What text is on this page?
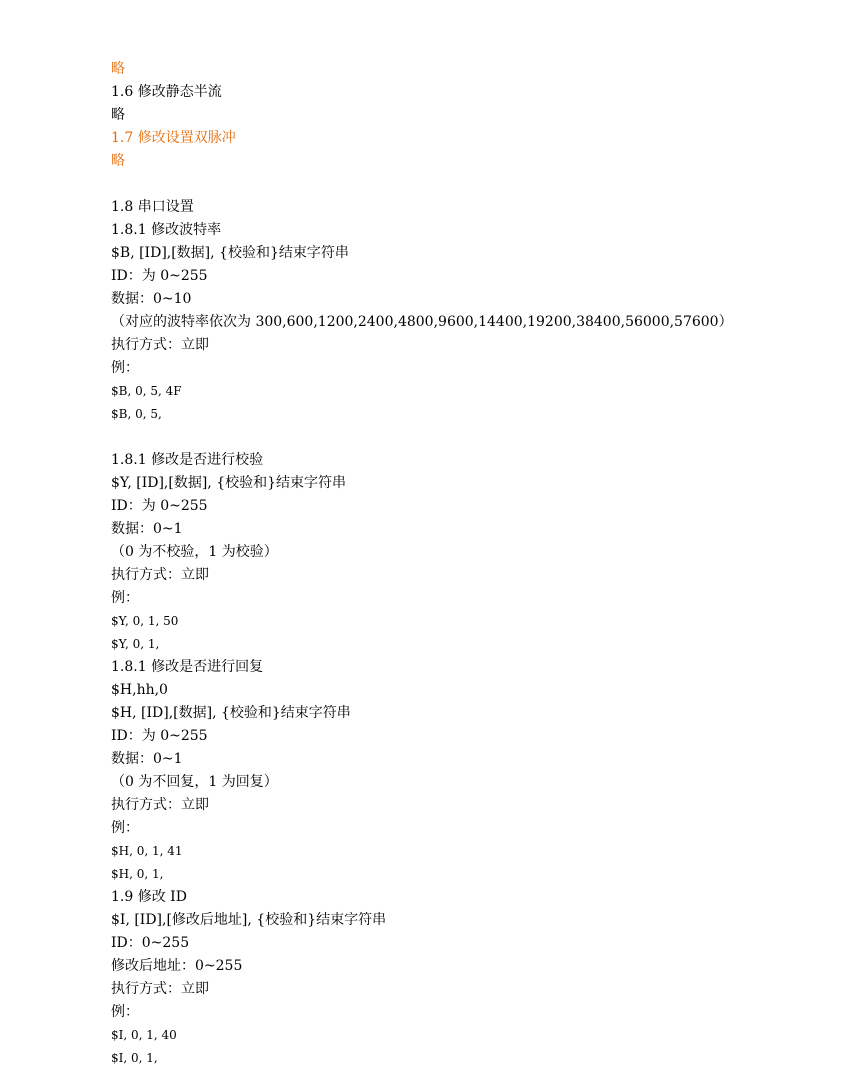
略
1.6 修改静态半流
略
1.7 修改设置双脉冲
略
1.8 串口设置
1.8.1 修改波特率
$B, [ID],[数据], {校验和}结束字符串
ID：为 0~255
数据：0~10
（对应的波特率依次为 300,600,1200,2400,4800,9600,14400,19200,38400,56000,57600）
执行方式：立即
例：
$B, 0, 5, 4F
$B, 0, 5,
1.8.1 修改是否进行校验
$Y, [ID],[数据], {校验和}结束字符串
ID：为 0~255
数据：0~1
（0 为不校验，1 为校验）
执行方式：立即
例：
$Y, 0, 1, 50
$Y, 0, 1,
1.8.1 修改是否进行回复
$H,hh,0
$H, [ID],[数据], {校验和}结束字符串
ID：为 0~255
数据：0~1
（0 为不回复，1 为回复）
执行方式：立即
例：
$H, 0, 1, 41
$H, 0, 1,
1.9 修改 ID
$I, [ID],[修改后地址], {校验和}结束字符串
ID：0~255
修改后地址：0~255
执行方式：立即
例：
$I, 0, 1, 40
$I, 0, 1,
